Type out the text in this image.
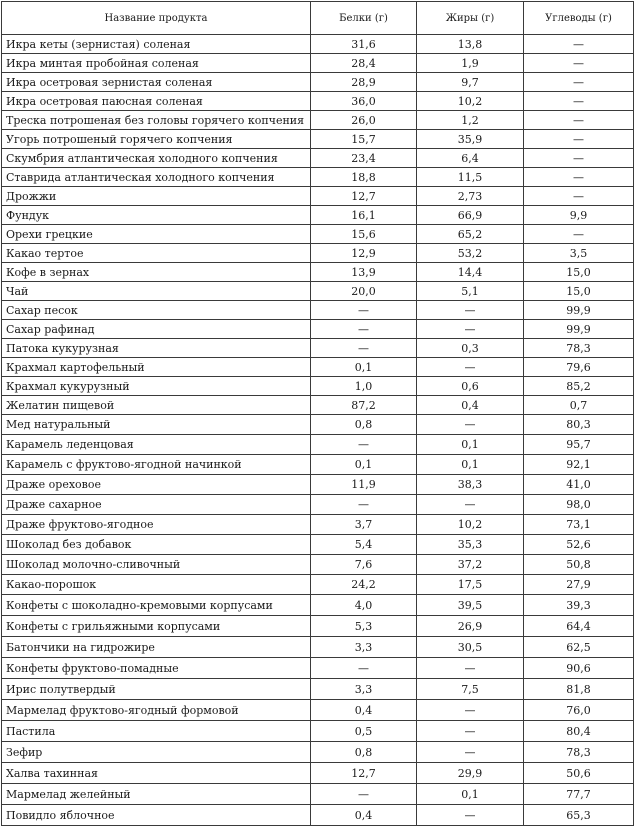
Название продукта	Белки (г)	Жиры (г)	Углеводы (г)
Икра кеты (зернистая) соленая	31,6	13,8	—
Икра минтая пробойная соленая	28,4	1,9	—
Икра осетровая зернистая соленая	28,9	9,7	—
Икра осетровая паюсная соленая	36,0	10,2	—
Треска потрошеная без головы горячего копчения	26,0	1,2	—
Угорь потрошеный горячего копчения	15,7	35,9	—
Скумбрия атлантическая холодного копчения	23,4	6,4	—
Ставрида атлантическая холодного копчения	18,8	11,5	—
Дрожжи	12,7	2,73	—
Фундук	16,1	66,9	9,9
Орехи грецкие	15,6	65,2	—
Какао тертое	12,9	53,2	3,5
Кофе в зернах	13,9	14,4	15,0
Чай	20,0	5,1	15,0
Сахар песок	—	—	99,9
Сахар рафинад	—	—	99,9
Патока кукурузная	—	0,3	78,3
Крахмал картофельный	0,1	—	79,6
Крахмал кукурузный	1,0	0,6	85,2
Желатин пищевой	87,2	0,4	0,7
Мед натуральный	0,8	—	80,3
Карамель леденцовая	—	0,1	95,7
Карамель с фруктово-ягодной начинкой	0,1	0,1	92,1
Драже ореховое	11,9	38,3	41,0
Драже сахарное	—	—	98,0
Драже фруктово-ягодное	3,7	10,2	73,1
Шоколад без добавок	5,4	35,3	52,6
Шоколад молочно-сливочный	7,6	37,2	50,8
Какао-порошок	24,2	17,5	27,9
Конфеты с шоколадно-кремовыми корпусами	4,0	39,5	39,3
Конфеты с грильяжными корпусами	5,3	26,9	64,4
Батончики на гидрожире	3,3	30,5	62,5
Конфеты фруктово-помадные	—	—	90,6
Ирис полутвердый	3,3	7,5	81,8
Мармелад фруктово-ягодный формовой	0,4	—	76,0
Пастила	0,5	—	80,4
Зефир	0,8	—	78,3
Халва тахинная	12,7	29,9	50,6
Мармелад желейный	—	0,1	77,7
Повидло яблочное	0,4	—	65,3
